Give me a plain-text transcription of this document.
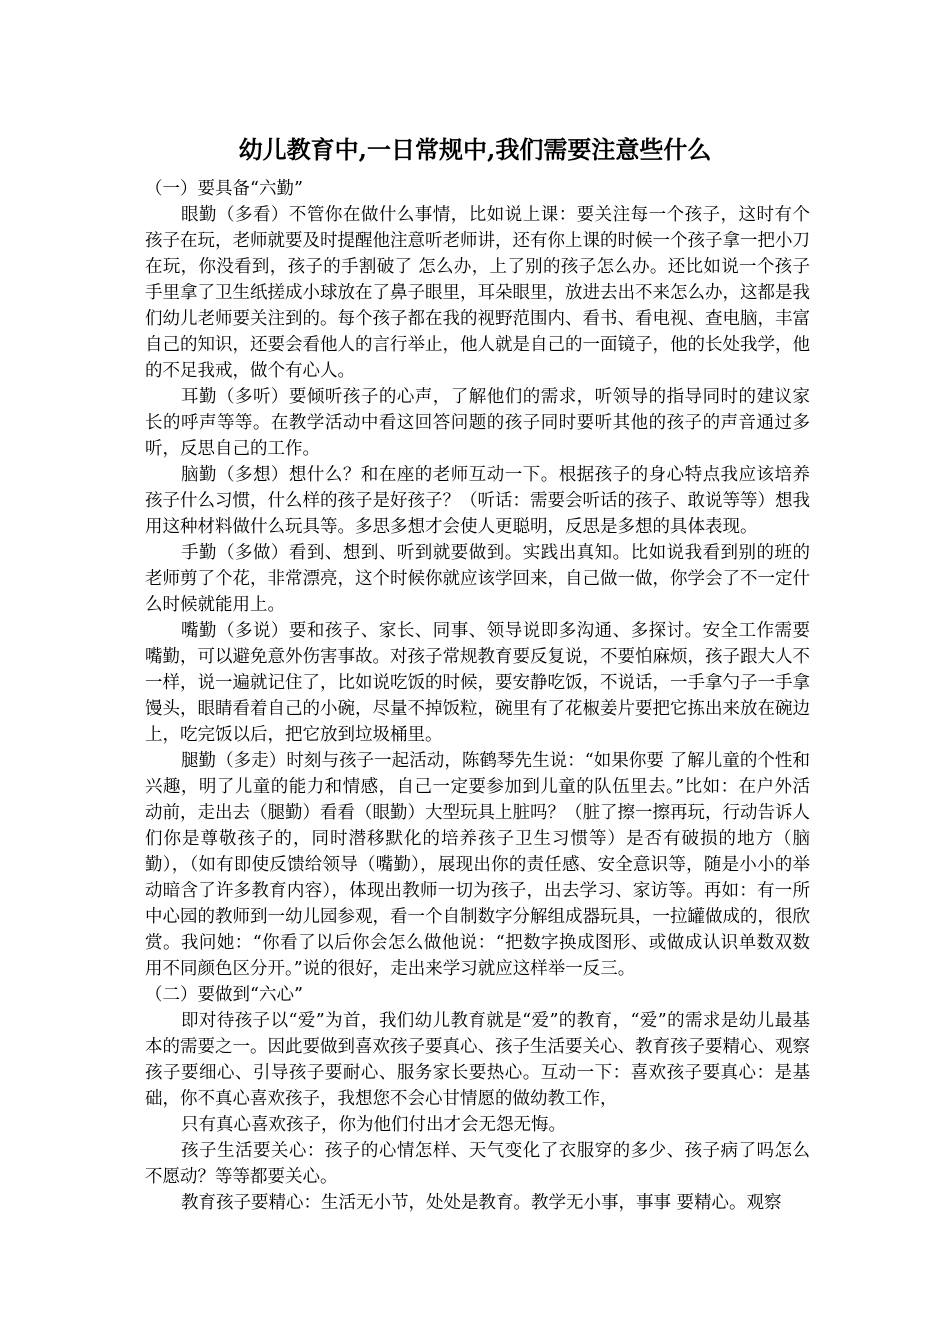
幼儿教育中,一日常规中,我们需要注意些什么

（一）要具备“六勤”

眼勤（多看）不管你在做什么事情，比如说上课：要关注每一个孩子，这时有个孩子在玩，老师就要及时提醒他注意听老师讲，还有你上课的时候一个孩子拿一把小刀在玩，你没看到，孩子的手割破了 怎么办，上了别的孩子怎么办。还比如说一个孩子手里拿了卫生纸搓成小球放在了鼻子眼里，耳朵眼里，放进去出不来怎么办，这都是我们幼儿老师要关注到的。每个孩子都在我的视野范围内、看书、看电视、查电脑，丰富自己的知识，还要会看他人的言行举止，他人就是自己的一面镜子，他的长处我学，他的不足我戒，做个有心人。

耳勤（多听）要倾听孩子的心声，了解他们的需求，听领导的指导同时的建议家长的呼声等等。在教学活动中看这回答问题的孩子同时要听其他的孩子的声音通过多听，反思自己的工作。

脑勤（多想）想什么？和在座的老师互动一下。根据孩子的身心特点我应该培养孩子什么习惯，什么样的孩子是好孩子？（听话：需要会听话的孩子、敢说等等）想我用这种材料做什么玩具等。多思多想才会使人更聪明，反思是多想的具体表现。

手勤（多做）看到、想到、听到就要做到。实践出真知。比如说我看到别的班的老师剪了个花，非常漂亮，这个时候你就应该学回来，自己做一做，你学会了不一定什么时候就能用上。

嘴勤（多说）要和孩子、家长、同事、领导说即多沟通、多探讨。安全工作需要嘴勤，可以避免意外伤害事故。对孩子常规教育要反复说，不要怕麻烦，孩子跟大人不一样，说一遍就记住了，比如说吃饭的时候，要安静吃饭，不说话，一手拿勺子一手拿馒头，眼睛看着自己的小碗，尽量不掉饭粒，碗里有了花椒姜片要把它拣出来放在碗边上，吃完饭以后，把它放到垃圾桶里。

腿勤（多走）时刻与孩子一起活动，陈鹤琴先生说：“如果你要 了解儿童的个性和兴趣，明了儿童的能力和情感，自己一定要参加到儿童的队伍里去。”比如：在户外活动前，走出去（腿勤）看看（眼勤）大型玩具上脏吗？（脏了擦一擦再玩，行动告诉人们你是尊敬孩子的，同时潜移默化的培养孩子卫生习惯等）是否有破损的地方（脑勤），（如有即使反馈给领导（嘴勤），展现出你的责任感、安全意识等，随是小小的举动暗含了许多教育内容），体现出教师一切为孩子，出去学习、家访等。再如：有一所中心园的教师到一幼儿园参观，看一个自制数字分解组成器玩具，一拉罐做成的，很欣赏。我问她：“你看了以后你会怎么做他说：“把数字换成图形、或做成认识单数双数用不同颜色区分开。”说的很好，走出来学习就应这样举一反三。

（二）要做到“六心”

即对待孩子以“爱”为首，我们幼儿教育就是“爱”的教育，“爱”的需求是幼儿最基本的需要之一。因此要做到喜欢孩子要真心、孩子生活要关心、教育孩子要精心、观察孩子要细心、引导孩子要耐心、服务家长要热心。互动一下：喜欢孩子要真心：是基础，你不真心喜欢孩子，我想您不会心甘情愿的做幼教工作，

只有真心喜欢孩子，你为他们付出才会无怨无悔。

孩子生活要关心：孩子的心情怎样、天气变化了衣服穿的多少、孩子病了吗怎么不愿动？等等都要关心。

教育孩子要精心：生活无小节，处处是教育。教学无小事，事事 要精心。观察
